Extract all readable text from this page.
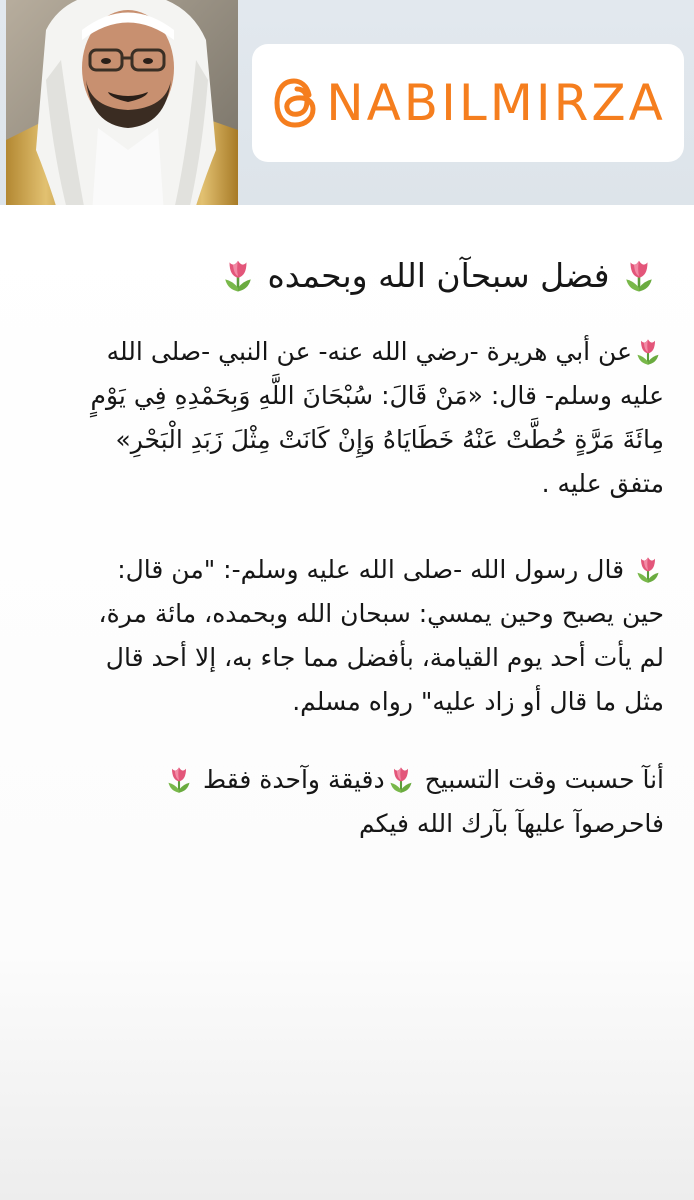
NABILMIRZA
فضل سبحآن الله وبحمده
عن أبي هريرة -رضي الله عنه- عن النبي -صلى الله
عليه وسلم- قال: «مَنْ قَالَ: سُبْحَانَ اللَّهِ وَبِحَمْدِهِ فِي يَوْمٍ
مِائَةَ مَرَّةٍ حُطَّتْ عَنْهُ خَطَايَاهُ وَإِنْ كَانَتْ مِثْلَ زَبَدِ الْبَحْرِ»
متفق عليه .
قال رسول الله -صلى الله عليه وسلم-: "من قال:
حين يصبح وحين يمسي: سبحان الله وبحمده، مائة مرة،
لم يأت أحد يوم القيامة، بأفضل مما جاء به، إلا أحد قال
مثل ما قال أو زاد عليه" رواه مسلم.
أنآ حسبت وقت التسبيح دقيقة وآحدة فقط
فاحرصوآ عليهآ بآرك الله فيكم
